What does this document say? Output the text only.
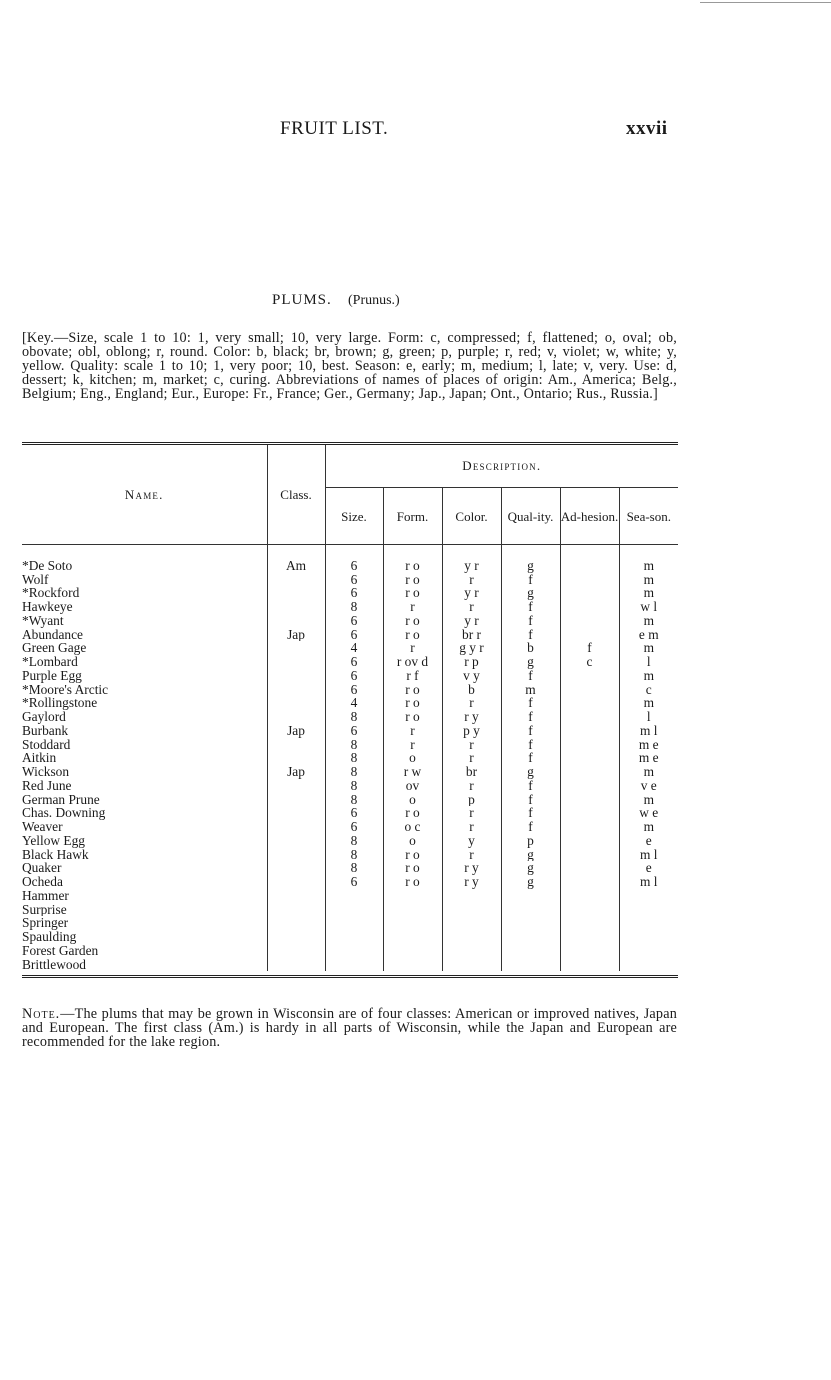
FRUIT LIST.	xxvii
PLUMS. (Prunus.)
[Key.—Size, scale 1 to 10: 1, very small; 10, very large. Form: c, compressed; f, flattened; o, oval; ob, obovate; obl, oblong; r, round. Color: b, black; br, brown; g, green; p, purple; r, red; v, violet; w, white; y, yellow. Quality: scale 1 to 10; 1, very poor; 10, best. Season: e, early; m, medium; l, late; v, very. Use: d, dessert; k, kitchen; m, market; c, curing. Abbreviations of names of places of origin: Am., America; Belg., Belgium; Eng., England; Eur., Europe: Fr., France; Ger., Germany; Jap., Japan; Ont., Ontario; Rus., Russia.]
Name.	Class.	Description.					
		Size.	Form.	Color.	Qual-ity.	Ad-hesion.	Sea-son.

*De Soto	Am	6	r o	y r	g		m
Wolf		6	r o	r	f		m
*Rockford		6	r o	y r	g		m
Hawkeye		8	r	r	f		w l
*Wyant		6	r o	y r	f		m
Abundance	Jap	6	r o	br r	f		e m
Green Gage		4	r	g y r	b	f	m
*Lombard		6	r ov d	r p	g	c	l
Purple Egg		6	r f	v y	f		m
*Moore's Arctic		6	r o	b	m		c
*Rollingstone		4	r o	r	f		m
Gaylord		8	r o	r y	f		l
Burbank	Jap	6	r	p y	f		m l
Stoddard		8	r	r	f		m e
Aitkin		8	o	r	f		m e
Wickson	Jap	8	r w	br	g		m
Red June		8	ov	r	f		v e
German Prune		8	o	p	f		m
Chas. Downing		6	r o	r	f		w e
Weaver		6	o c	r	f		m
Yellow Egg		8	o	y	p		e
Black Hawk		8	r o	r	g		m l
Quaker		8	r o	r y	g		e
Ocheda		6	r o	r y	g		m l
Hammer							
Surprise							
Springer							
Spaulding							
Forest Garden							
Brittlewood							
Note.—The plums that may be grown in Wisconsin are of four classes: American or improved natives, Japan and European. The first class (Am.) is hardy in all parts of Wisconsin, while the Japan and European are recommended for the lake region.
